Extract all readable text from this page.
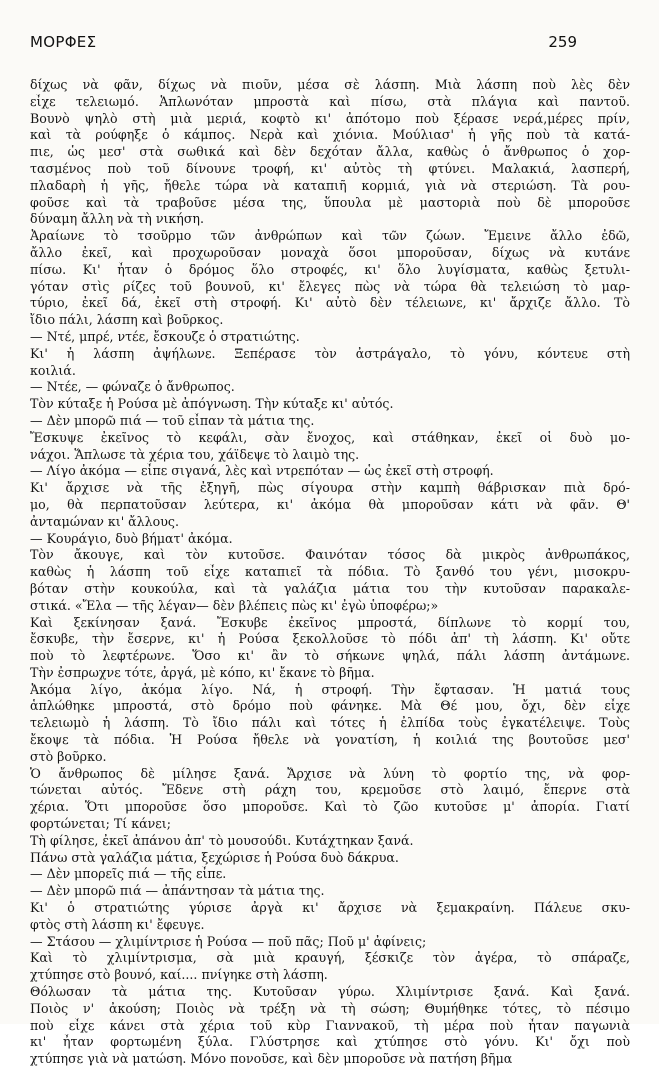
ΜΟΡΦΕΣ	259
δίχως νὰ φᾶν, δίχως νὰ πιοῦν, μέσα σὲ λάσπη. Μιὰ λάσπη ποὺ λὲς δὲν
εἶχε τελειωμό. Ἁπλωνόταν μπροστὰ καὶ πίσω, στὰ πλάγια καὶ παντοῦ.
Βουνὸ ψηλὸ στὴ μιὰ μεριά, κοφτὸ κι' ἀπότομο ποὺ ξέρασε νερά,μέρες πρίν,
καὶ τὰ ρούφηξε ὁ κάμπος. Νερὰ καὶ χιόνια. Μούλιασ' ἡ γῆς ποὺ τὰ κατά-
πιε, ὡς μεσ' στὰ σωθικά καὶ δὲν δεχόταν ἄλλα, καθὼς ὁ ἄνθρωπος ὁ χορ-
τασμένος ποὺ τοῦ δίνουνε τροφή, κι' αὐτὸς τὴ φτύνει. Μαλακιά, λασπερή,
πλαδαρὴ ἡ γῆς, ἤθελε τώρα νὰ καταπιῆ κορμιά, γιὰ νὰ στεριώση. Τὰ ρου-
φοῦσε καὶ τὰ τραβοῦσε μέσα της, ὕπουλα μὲ μαστοριὰ ποὺ δὲ μποροῦσε
δύναμη ἄλλη νὰ τὴ νικήση.
Ἀραίωνε τὸ τσοῦρμο τῶν ἀνθρώπων καὶ τῶν ζώων. Ἔμεινε ἄλλο ἐδῶ,
ἄλλο ἐκεῖ, καὶ προχωροῦσαν μοναχὰ ὅσοι μποροῦσαν, δίχως νὰ κυτάνε
πίσω. Κι' ἦταν ὁ δρόμος ὅλο στροφές, κι' ὅλο λυγίσματα, καθὼς ξετυλι-
γόταν στὶς ρίζες τοῦ βουνοῦ, κι' ἔλεγες πὼς νὰ τώρα θὰ τελειώση τὸ μαρ-
τύριο, ἐκεῖ δά, ἐκεῖ στὴ στροφή. Κι' αὐτὸ δὲν τέλειωνε, κι' ἄρχιζε ἄλλο. Τὸ
ἴδιο πάλι, λάσπη καὶ βοῦρκος.
— Ντέ, μπρέ, ντέε, ἔσκουζε ὁ στρατιώτης.
Κι' ἡ λάσπη ἀψήλωνε. Ξεπέρασε τὸν ἀστράγαλο, τὸ γόνυ, κόντευε στὴ
κοιλιά.
— Ντέε, — φώναζε ὁ ἄνθρωπος.
Τὸν κύταξε ἡ Ρούσα μὲ ἀπόγνωση. Τὴν κύταξε κι' αὐτός.
— Δὲν μπορῶ πιά — τοῦ εἶπαν τὰ μάτια της.
Ἔσκυψε ἐκεῖνος τὸ κεφάλι, σὰν ἔνοχος, καὶ στάθηκαν, ἐκεῖ οἱ δυὸ μο-
νάχοι. Ἅπλωσε τὰ χέρια του, χάϊδεψε τὸ λαιμὸ της.
— Λίγο ἀκόμα — εἶπε σιγανά, λὲς καὶ ντρεπόταν — ὡς ἐκεῖ στὴ στροφή.
Κι' ἄρχισε νὰ τῆς ἐξηγῆ, πὼς σίγουρα στὴν καμπὴ θάβρισκαν πιὰ δρό-
μο, θὰ περπατοῦσαν λεύτερα, κι' ἀκόμα θὰ μποροῦσαν κάτι νὰ φᾶν. Θ'
ἀνταμώναν κι' ἄλλους.
— Κουράγιο, δυὸ βήματ' ἀκόμα.
Τὸν ἄκουγε, καὶ τὸν κυτοῦσε. Φαινόταν τόσος δὰ μικρὸς ἀνθρωπάκος,
καθὼς ἡ λάσπη τοῦ εἶχε καταπιεῖ τὰ πόδια. Τὸ ξανθό του γένι, μισοκρυ-
βόταν στὴν κουκούλα, καὶ τὰ γαλάζια μάτια του τὴν κυτοῦσαν παρακαλε-
στικά. «Ἔλα — τῆς λέγαν— δὲν βλέπεις πὼς κι' ἐγὼ ὑποφέρω;»
Καὶ ξεκίνησαν ξανά. Ἔσκυβε ἐκεῖνος μπροστά, δίπλωνε τὸ κορμί του,
ἔσκυβε, τὴν ἔσερνε, κι' ἡ Ρούσα ξεκολλοῦσε τὸ πόδι ἀπ' τὴ λάσπη. Κι' οὔτε
ποὺ τὸ λεφτέρωνε. Ὅσο κι' ἂν τὸ σήκωνε ψηλά, πάλι λάσπη ἀντάμωνε.
Τὴν ἐσπρωχνε τότε, ἀργά, μὲ κόπο, κι' ἔκανε τὸ βῆμα.
Ἀκόμα λίγο, ἀκόμα λίγο. Νά, ἡ στροφή. Τὴν ἔφτασαν. Ἡ ματιά τους
ἁπλώθηκε μπροστά, στὸ δρόμο ποὺ φάνηκε. Μὰ Θέ μου, ὄχι, δὲν εἶχε
τελειωμὸ ἡ λάσπη. Τὸ ἴδιο πάλι καὶ τότες ἡ ἐλπίδα τοὺς ἐγκατέλειψε. Τοὺς
ἔκοψε τὰ πόδια. Ἡ Ρούσα ἤθελε νὰ γονατίση, ἡ κοιλιά της βουτοῦσε μεσ'
στὸ βοῦρκο.
Ὁ ἄνθρωπος δὲ μίλησε ξανά. Ἄρχισε νὰ λύνη τὸ φορτίο της, νὰ φορ-
τώνεται αὐτός. Ἔδενε στὴ ράχη του, κρεμοῦσε στὸ λαιμό, ἔπερνε στὰ
χέρια. Ὅτι μποροῦσε ὅσο μποροῦσε. Καὶ τὸ ζῶο κυτοῦσε μ' ἀπορία. Γιατί
φορτώνεται; Τί κάνει;
Τὴ φίλησε, ἐκεῖ ἀπάνου ἀπ' τὸ μουσούδι. Κυτάχτηκαν ξανά.
Πάνω στὰ γαλάζια μάτια, ξεχώρισε ἡ Ρούσα δυὸ δάκρυα.
— Δὲν μπορεῖς πιά — τῆς εἶπε.
— Δὲν μπορῶ πιά — ἀπάντησαν τὰ μάτια της.
Κι' ὁ στρατιώτης γύρισε ἀργὰ κι' ἄρχισε νὰ ξεμακραίνη. Πάλευε σκυ-
φτὸς στὴ λάσπη κι' ἔφευγε.
— Στάσου — χλιμίντρισε ἡ Ρούσα — ποῦ πᾶς; Ποῦ μ' ἀφίνεις;
Καὶ τὸ χλιμίντρισμα, σὰ μιὰ κραυγή, ξέσκιζε τὸν ἀγέρα, τὸ σπάραζε,
χτύπησε στὸ βουνό, καί.... πνίγηκε στὴ λάσπη.
Θόλωσαν τὰ μάτια της. Κυτοῦσαν γύρω. Χλιμίντρισε ξανά. Καὶ ξανά.
Ποιὸς ν' ἀκούση; Ποιὸς νὰ τρέξη νὰ τὴ σώση; Θυμήθηκε τότες, τὸ πέσιμο
ποὺ εἶχε κάνει στὰ χέρια τοῦ κὺρ Γιαννακοῦ, τὴ μέρα ποὺ ἦταν παγωνιὰ
κι' ἦταν φορτωμένη ξύλα. Γλύστρησε καὶ χτύπησε στὸ γόνυ. Κι' ὄχι ποὺ
χτύπησε γιὰ νὰ ματώση. Μόνο πονοῦσε, καὶ δὲν μποροῦσε νὰ πατήση βῆμα
